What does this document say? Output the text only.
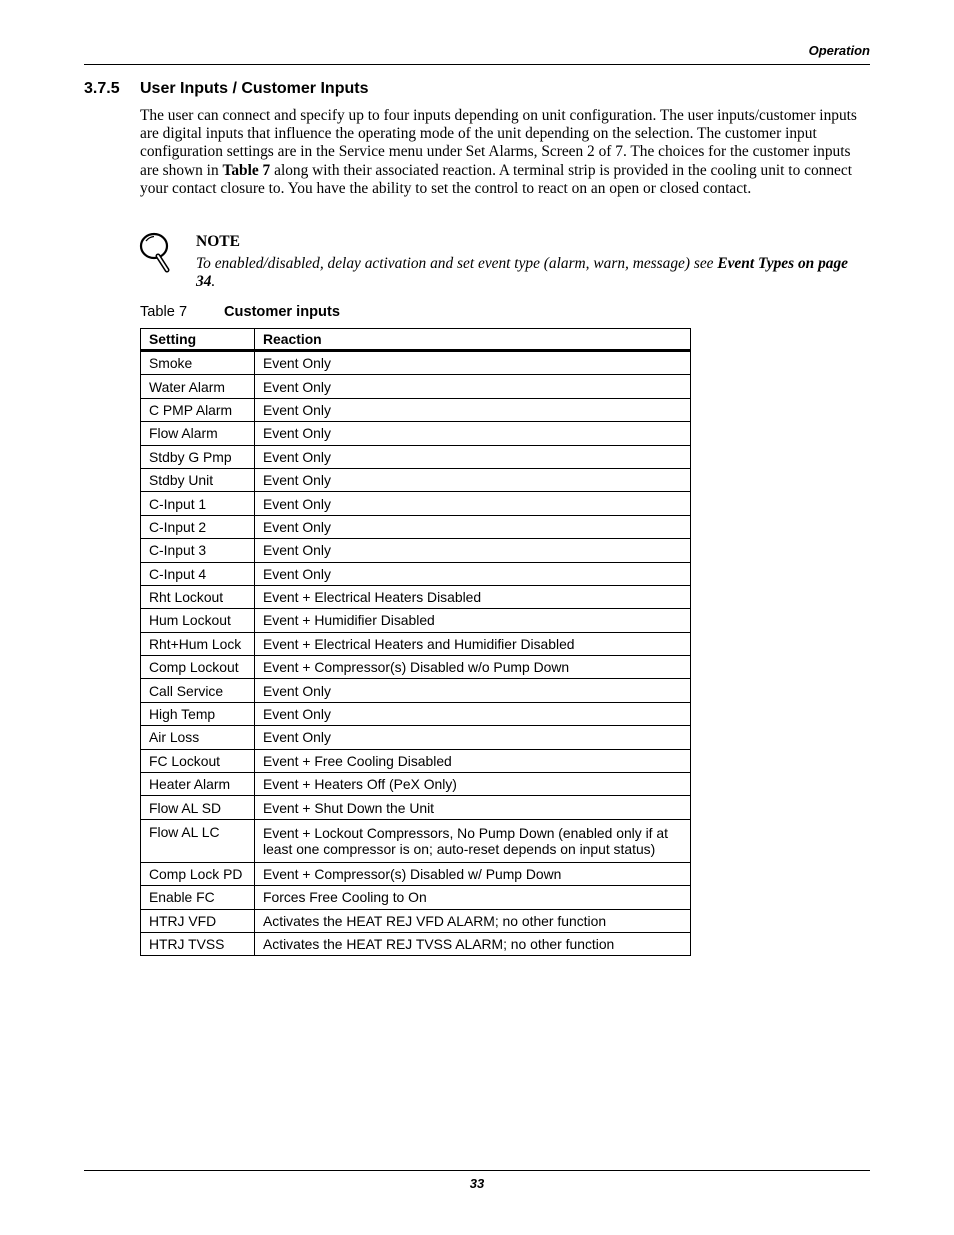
Operation
3.7.5 User Inputs / Customer Inputs

The user can connect and specify up to four inputs depending on unit configuration. The user inputs/customer inputs are digital inputs that influence the operating mode of the unit depending on the selection. The customer input configuration settings are in the Service menu under Set Alarms, Screen 2 of 7. The choices for the customer inputs are shown in Table 7 along with their associated reaction. A terminal strip is provided in the cooling unit to connect your contact closure to. You have the ability to set the control to react on an open or closed contact.

NOTE

To enabled/disabled, delay activation and set event type (alarm, warn, message) see Event Types on page 34.

Table 7	Customer inputs
Setting	Reaction
Smoke	Event Only
Water Alarm	Event Only
C PMP Alarm	Event Only
Flow Alarm	Event Only
Stdby G Pmp	Event Only
Stdby Unit	Event Only
C-Input 1	Event Only
C-Input 2	Event Only
C-Input 3	Event Only
C-Input 4	Event Only
Rht Lockout	Event + Electrical Heaters Disabled
Hum Lockout	Event + Humidifier Disabled
Rht+Hum Lock	Event + Electrical Heaters and Humidifier Disabled
Comp Lockout	Event + Compressor(s) Disabled w/o Pump Down
Call Service	Event Only
High Temp	Event Only
Air Loss	Event Only
FC Lockout	Event + Free Cooling Disabled
Heater Alarm	Event + Heaters Off (PeX Only)
Flow AL SD	Event + Shut Down the Unit
Flow AL LC	Event + Lockout Compressors, No Pump Down (enabled only if at least one compressor is on; auto-reset depends on input status)
Comp Lock PD	Event + Compressor(s) Disabled w/ Pump Down
Enable FC	Forces Free Cooling to On
HTRJ VFD	Activates the HEAT REJ VFD ALARM; no other function
HTRJ TVSS	Activates the HEAT REJ TVSS ALARM; no other function
33
